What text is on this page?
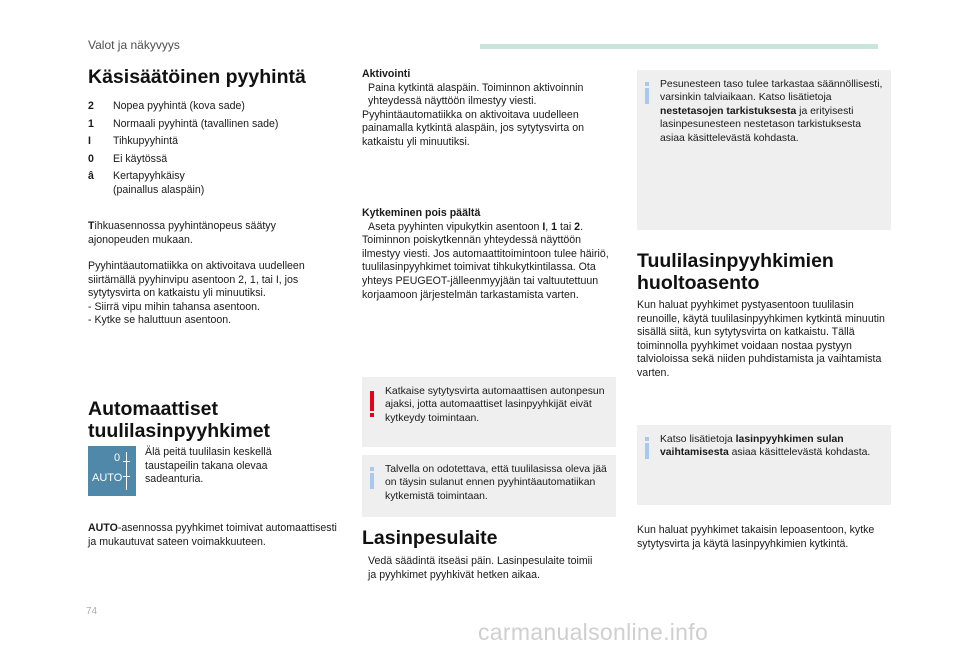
Valot ja näkyvyys
Käsisäätöinen pyyhintä
2	Nopea pyyhintä (kova sade)
1	Normaali pyyhintä (tavallinen sade)
I	Tihkupyyhintä
0	Ei käytössä
â	Kertapyyhkäisy
(painallus alaspäin)

Tihkuasennossa pyyhintänopeus säätyy ajonopeuden mukaan.

Pyyhintäautomatiikka on aktivoitava uudelleen siirtämällä pyyhinvipu asentoon 2, 1, tai I, jos sytytysvirta on katkaistu yli minuutiksi.
- Siirrä vipu mihin tahansa asentoon.
- Kytke se haluttuun asentoon.
Automaattiset
tuulilasinpyyhkimet
0
AUTO

Älä peitä tuulilasin keskellä taustapeilin takana olevaa sadeanturia.

AUTO-asennossa pyyhkimet toimivat automaattisesti ja mukautuvat sateen voimakkuuteen.

Aktivointi
Paina kytkintä alaspäin. Toiminnon aktivoinnin yhteydessä näyttöön ilmestyy viesti.
Pyyhintäautomatiikka on aktivoitava uudelleen painamalla kytkintä alaspäin, jos sytytysvirta on katkaistu yli minuutiksi.
Kytkeminen pois päältä
Aseta pyyhinten vipukytkin asentoon I, 1 tai 2.
Toiminnon poiskytkennän yhteydessä näyttöön ilmestyy viesti. Jos automaattitoimintoon tulee häiriö, tuulilasinpyyhkimet toimivat tihkukytkintilassa. Ota yhteys PEUGEOT-jälleenmyyjään tai valtuutettuun korjaamoon järjestelmän tarkastamista varten.
Katkaise sytytysvirta automaattisen autonpesun ajaksi, jotta automaattiset lasinpyyhkijät eivät kytkeydy toimintaan.
Talvella on odotettava, että tuulilasissa oleva jää on täysin sulanut ennen pyyhintäautomatiikan kytkemistä toimintaan.
Lasinpesulaite
Vedä säädintä itseäsi päin. Lasinpesulaite toimii ja pyyhkimet pyyhkivät hetken aikaa.
Pesunesteen taso tulee tarkastaa säännöllisesti, varsinkin talviaikaan. Katso lisätietoja nestetasojen tarkistuksesta ja erityisesti lasinpesunesteen nestetason tarkistuksesta asiaa käsittelevästä kohdasta.
Tuulilasinpyyhkimien
huoltoasento

Kun haluat pyyhkimet pystyasentoon tuulilasin reunoille, käytä tuulilasinpyyhkimen kytkintä minuutin sisällä siitä, kun sytytysvirta on katkaistu. Tällä toiminnolla pyyhkimet voidaan nostaa pystyyn talvioloissa sekä niiden puhdistamista ja vaihtamista varten.

Katso lisätietoja lasinpyyhkimen sulan vaihtamisesta asiaa käsittelevästä kohdasta.

Kun haluat pyyhkimet takaisin lepoasentoon, kytke sytytysvirta ja käytä lasinpyyhkimien kytkintä.

74
carmanualsonline.info
